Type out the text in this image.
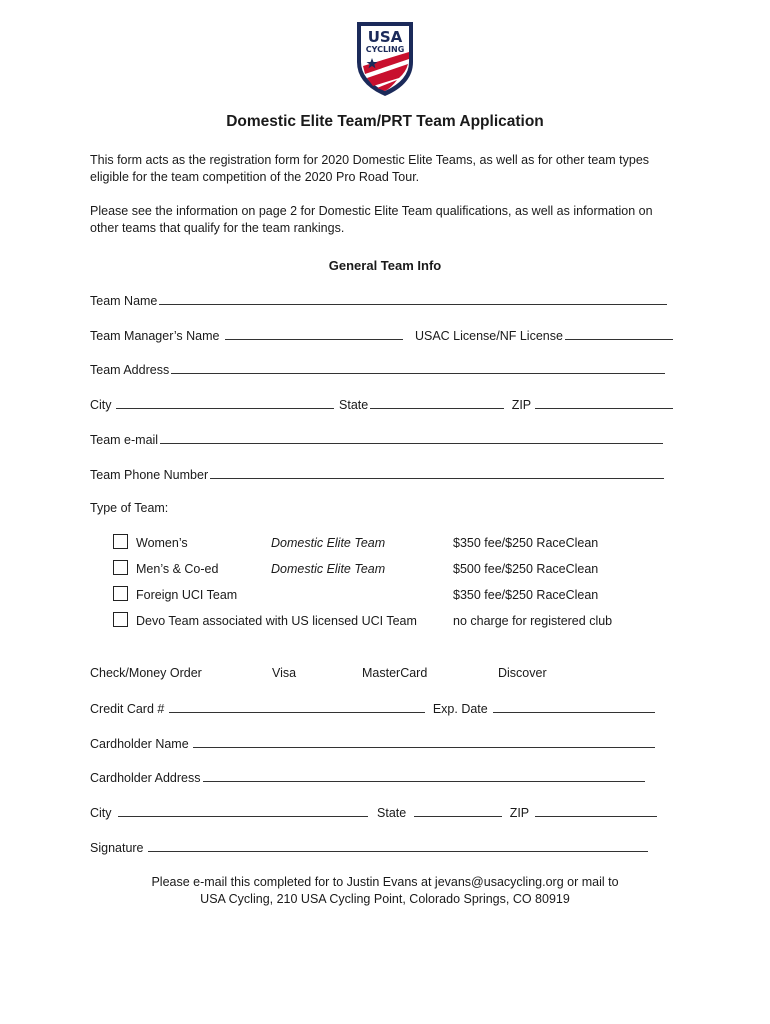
USA
CYCLING
Domestic Elite Team/PRT Team Application
This form acts as the registration form for 2020 Domestic Elite Teams, as well as for other team types eligible for the team competition of the 2020 Pro Road Tour.
Please see the information on page 2 for Domestic Elite Team qualifications, as well as information on other teams that qualify for the team rankings.
General Team Info
Team Name
Team Manager’s Name	USAC License/NF License
Team Address
City	State	ZIP
Team e-mail
Team Phone Number
Type of Team:
Women’s	Domestic Elite Team	$350 fee/$250 RaceClean
Men’s & Co-ed	Domestic Elite Team	$500 fee/$250 RaceClean
Foreign UCI Team	$350 fee/$250 RaceClean
Devo Team associated with US licensed UCI Team	no charge for registered club
Check/Money Order	Visa	MasterCard	Discover
Credit Card #	Exp. Date
Cardholder Name
Cardholder Address
City	State	ZIP
Signature
Please e-mail this completed for to Justin Evans at jevans@usacycling.org or mail to
USA Cycling, 210 USA Cycling Point, Colorado Springs, CO 80919
